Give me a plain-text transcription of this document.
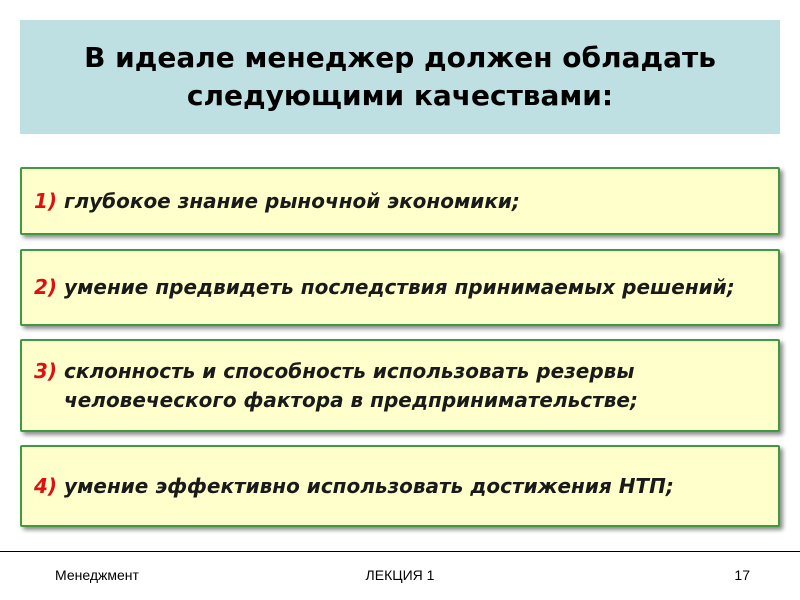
В идеале менеджер должен обладать следующими качествами:
1) глубокое знание рыночной экономики;
2) умение предвидеть последствия принимаемых решений;
3) склонность и способность использовать резервы человеческого фактора в предпринимательстве;
4) умение эффективно использовать достижения НТП;
Менеджмент	ЛЕКЦИЯ 1	17
